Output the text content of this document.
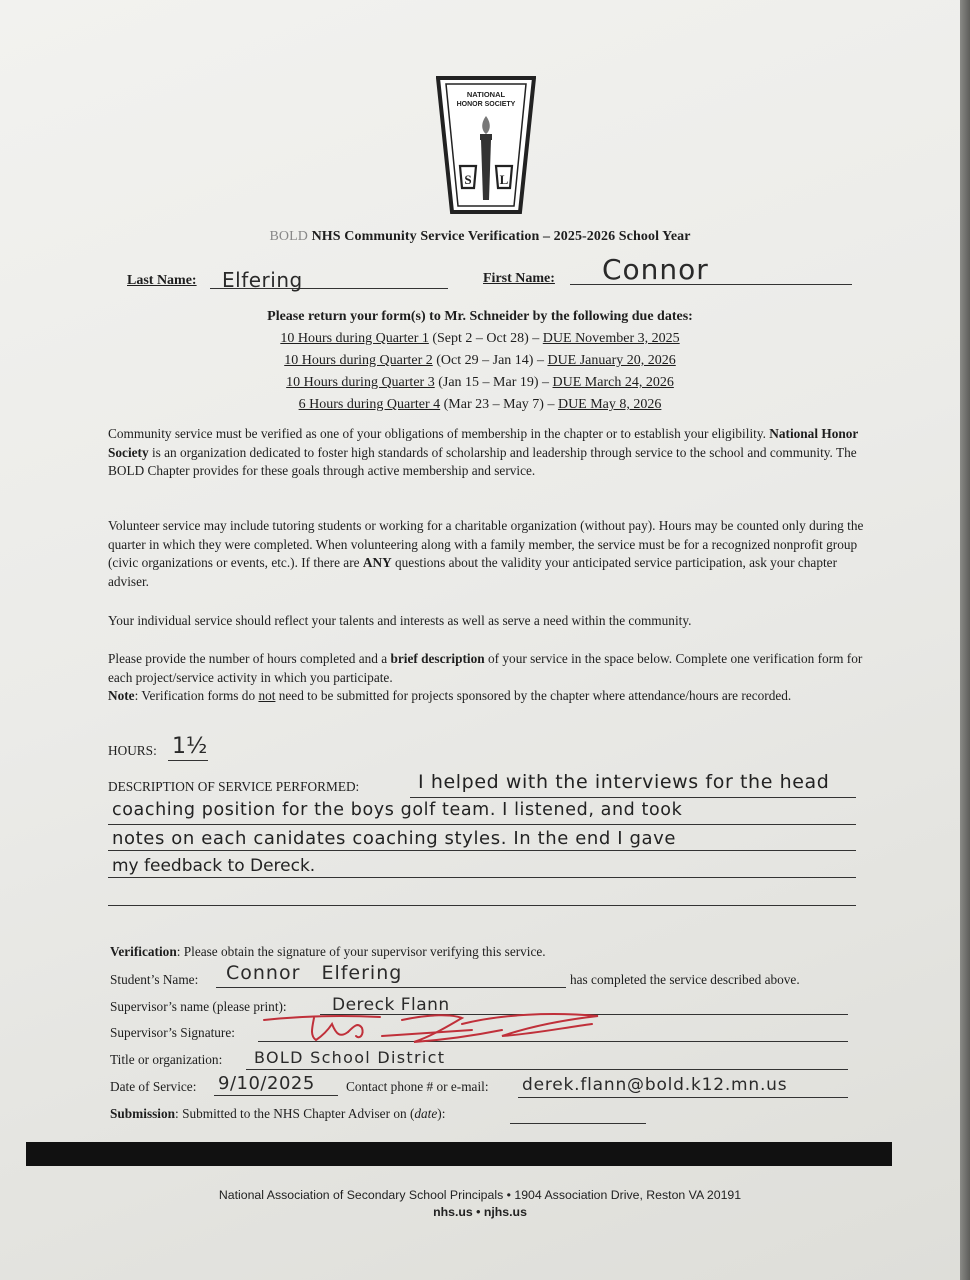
NATIONAL
HONOR SOCIETY
S L
BOLD NHS Community Service Verification – 2025-2026 School Year
Last Name: Elfering	First Name: Connor
Please return your form(s) to Mr. Schneider by the following due dates:
10 Hours during Quarter 1 (Sept 2 – Oct 28) – DUE November 3, 2025
10 Hours during Quarter 2 (Oct 29 – Jan 14) – DUE January 20, 2026
10 Hours during Quarter 3 (Jan 15 – Mar 19) – DUE March 24, 2026
6 Hours during Quarter 4 (Mar 23 – May 7) – DUE May 8, 2026
Community service must be verified as one of your obligations of membership in the chapter or to establish your eligibility. National Honor Society is an organization dedicated to foster high standards of scholarship and leadership through service to the school and community. The BOLD Chapter provides for these goals through active membership and service.
Volunteer service may include tutoring students or working for a charitable organization (without pay). Hours may be counted only during the quarter in which they were completed. When volunteering along with a family member, the service must be for a recognized nonprofit group (civic organizations or events, etc.). If there are ANY questions about the validity your anticipated service participation, ask your chapter adviser.
Your individual service should reflect your talents and interests as well as serve a need within the community.
Please provide the number of hours completed and a brief description of your service in the space below. Complete one verification form for each project/service activity in which you participate.
Note: Verification forms do not need to be submitted for projects sponsored by the chapter where attendance/hours are recorded.
HOURS: 1½
DESCRIPTION OF SERVICE PERFORMED:	I helped with the interviews for the head
coaching position for the boys golf team. I listened, and took
notes on each canidates coaching styles. In the end I gave
my feedback to Dereck.
Verification: Please obtain the signature of your supervisor verifying this service.
Student’s Name: Connor Elfering	has completed the service described above.
Supervisor’s name (please print):	Dereck Flann
Supervisor’s Signature:
Title or organization: BOLD School District
Date of Service: 9/10/2025 Contact phone # or e-mail: derek.flann@bold.k12.mn.us
Submission: Submitted to the NHS Chapter Adviser on (date):
National Association of Secondary School Principals • 1904 Association Drive, Reston VA 20191
nhs.us • njhs.us
